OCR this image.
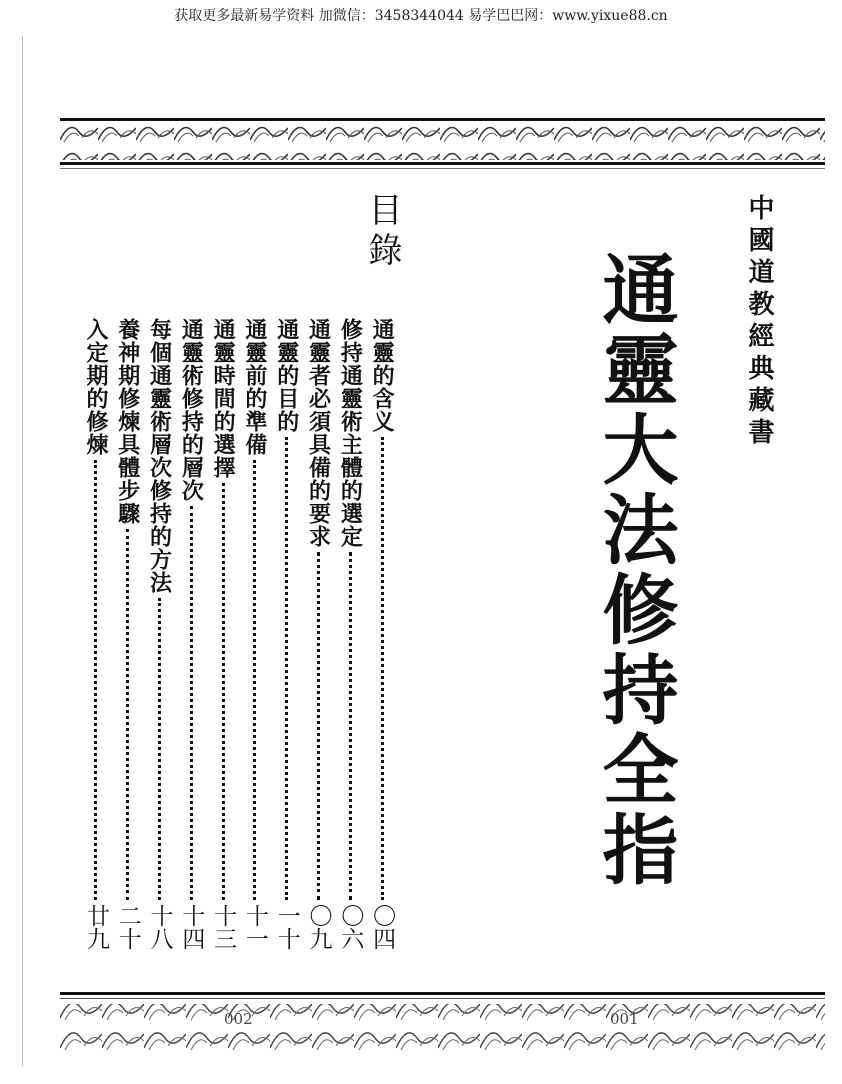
获取更多最新易学资料 加微信：3458344044 易学巴巴网：www.yixue88.cn
中國道教經典藏書
通靈大法修持全指
目錄
通靈的含义
〇四
修持通靈術主體的選定
〇六
通靈者必須具備的要求
〇九
通靈的目的
一十
通靈前的準備
十一
通靈時間的選擇
十三
通靈術修持的層次
十四
每個通靈術層次修持的方法
十八
養神期修煉具體步驟
二十
入定期的修煉
廿九
002	001
